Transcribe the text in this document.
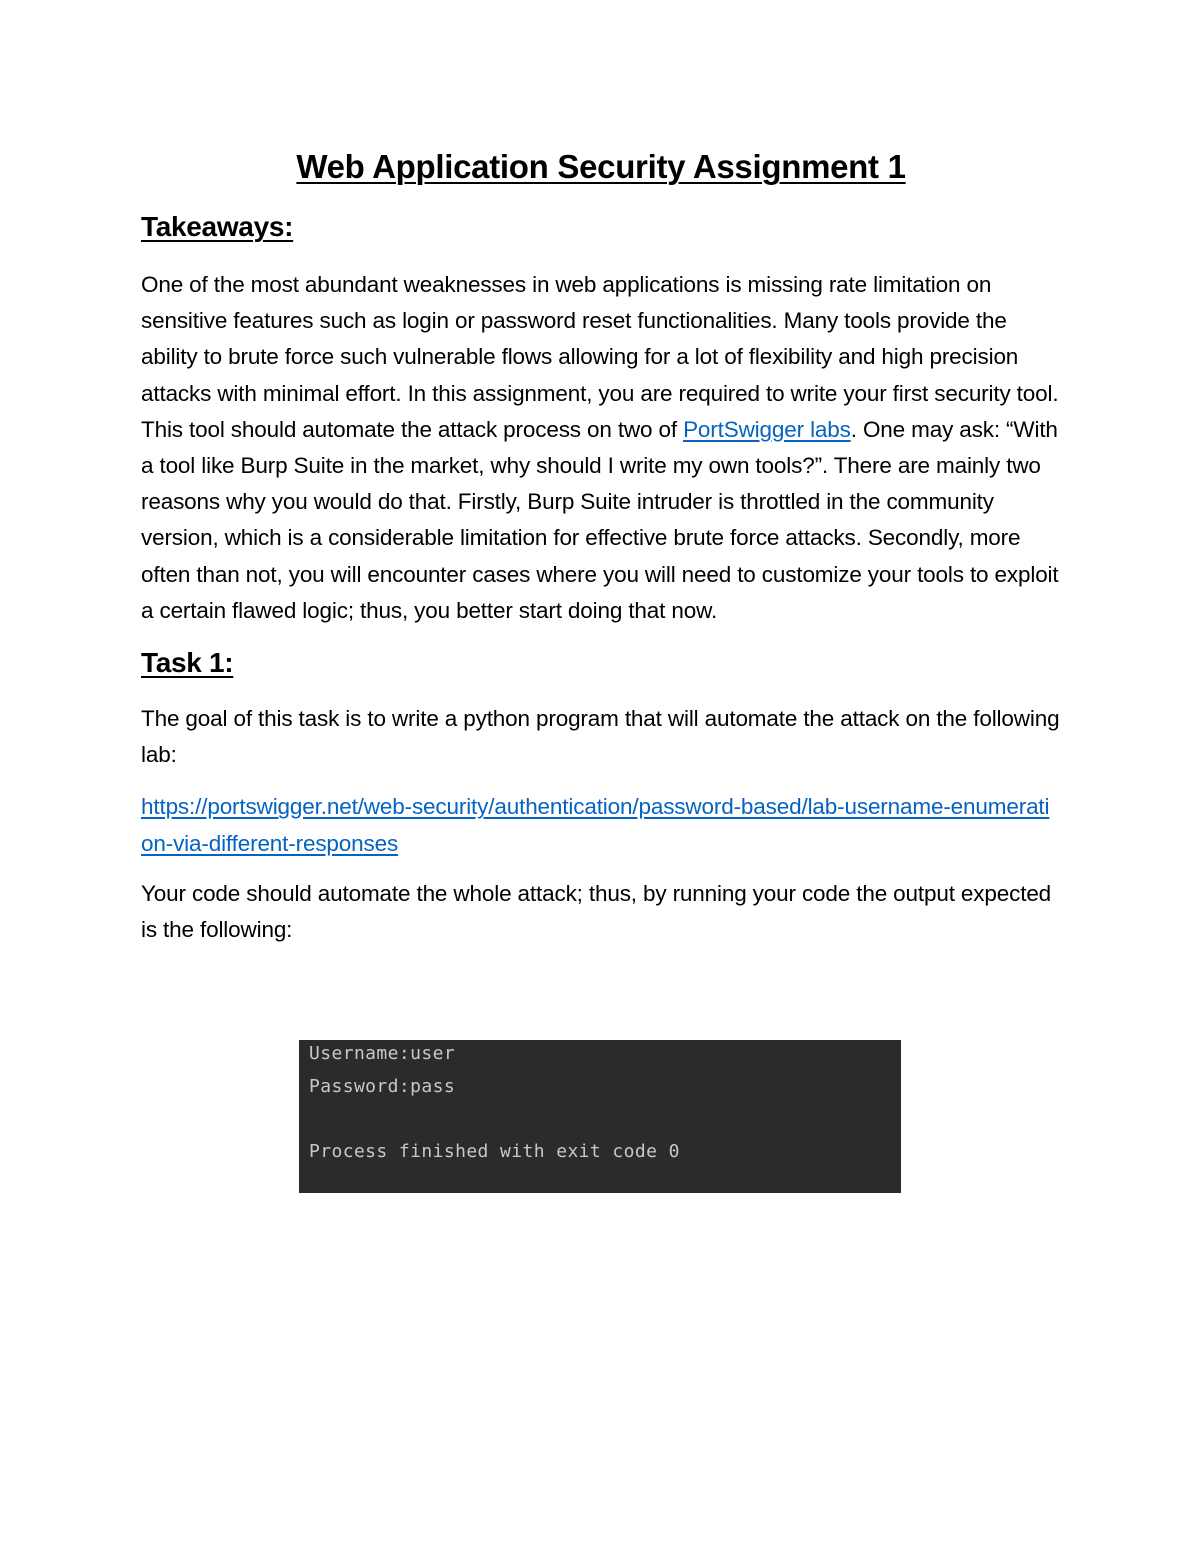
Web Application Security Assignment 1
Takeaways:

One of the most abundant weaknesses in web applications is missing rate limitation on sensitive features such as login or password reset functionalities. Many tools provide the ability to brute force such vulnerable flows allowing for a lot of flexibility and high precision attacks with minimal effort. In this assignment, you are required to write your first security tool. This tool should automate the attack process on two of PortSwigger labs. One may ask: “With a tool like Burp Suite in the market, why should I write my own tools?”. There are mainly two reasons why you would do that. Firstly, Burp Suite intruder is throttled in the community version, which is a considerable limitation for effective brute force attacks. Secondly, more often than not, you will encounter cases where you will need to customize your tools to exploit a certain flawed logic; thus, you better start doing that now.

Task 1:

The goal of this task is to write a python program that will automate the attack on the following lab:

https://portswigger.net/web-security/authentication/password-based/lab-username-enumeration-via-different-responses

Your code should automate the whole attack; thus, by running your code the output expected is the following:

Username:user
Password:pass
Process finished with exit code 0
